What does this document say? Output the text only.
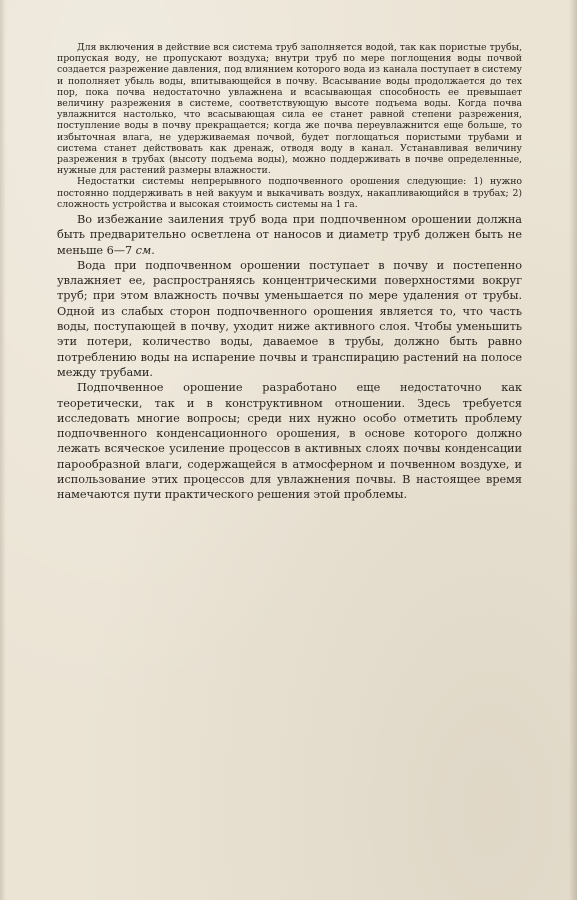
Для включения в действие вся система труб заполняется водой, так как пористые трубы, пропуская воду, не пропускают воздуха; внутри труб по мере поглощения воды почвой создается разрежение давления, под влиянием которого вода из канала поступает в систему и пополняет убыль воды, впитывающейся в почву. Всасывание воды продолжается до тех пор, пока почва недостаточно увлажнена и всасывающая способность ее превышает величину разрежения в системе, соответствующую высоте подъема воды. Когда почва увлажнится настолько, что всасывающая сила ее станет равной степени разрежения, поступление воды в почву прекращается; когда же почва переувлажнится еще больше, то избыточная влага, не удерживаемая почвой, будет поглощаться пористыми трубами и система станет действовать как дренаж, отводя воду в канал. Устанавливая величину разрежения в трубах (высоту подъема воды), можно поддерживать в почве определенные, нужные для растений размеры влажности.

Недостатки системы непрерывного подпочвенного орошения следующие: 1) нужно постоянно поддерживать в ней вакуум и выкачивать воздух, накапливающийся в трубах; 2) сложность устройства и высокая стоимость системы на 1 га.

Во избежание заиления труб вода при подпочвенном орошении должна быть предварительно осветлена от наносов и диаметр труб должен быть не меньше 6—7 см.

Вода при подпочвенном орошении поступает в почву и постепенно увлажняет ее, распространяясь концентрическими поверхностями вокруг труб; при этом влажность почвы уменьшается по мере удаления от трубы. Одной из слабых сторон подпочвенного орошения является то, что часть воды, поступающей в почву, уходит ниже активного слоя. Чтобы уменьшить эти потери, количество воды, даваемое в трубы, должно быть равно потреблению воды на испарение почвы и транспирацию растений на полосе между трубами.

Подпочвенное орошение разработано еще недостаточно как теоретически, так и в конструктивном отношении. Здесь требуется исследовать многие вопросы; среди них нужно особо отметить проблему подпочвенного конденсационного орошения, в основе которого должно лежать всяческое усиление процессов в активных слоях почвы конденсации парообразной влаги, содержащейся в атмосферном и почвенном воздухе, и использование этих процессов для увлажнения почвы. В настоящее время намечаются пути практического решения этой проблемы.
